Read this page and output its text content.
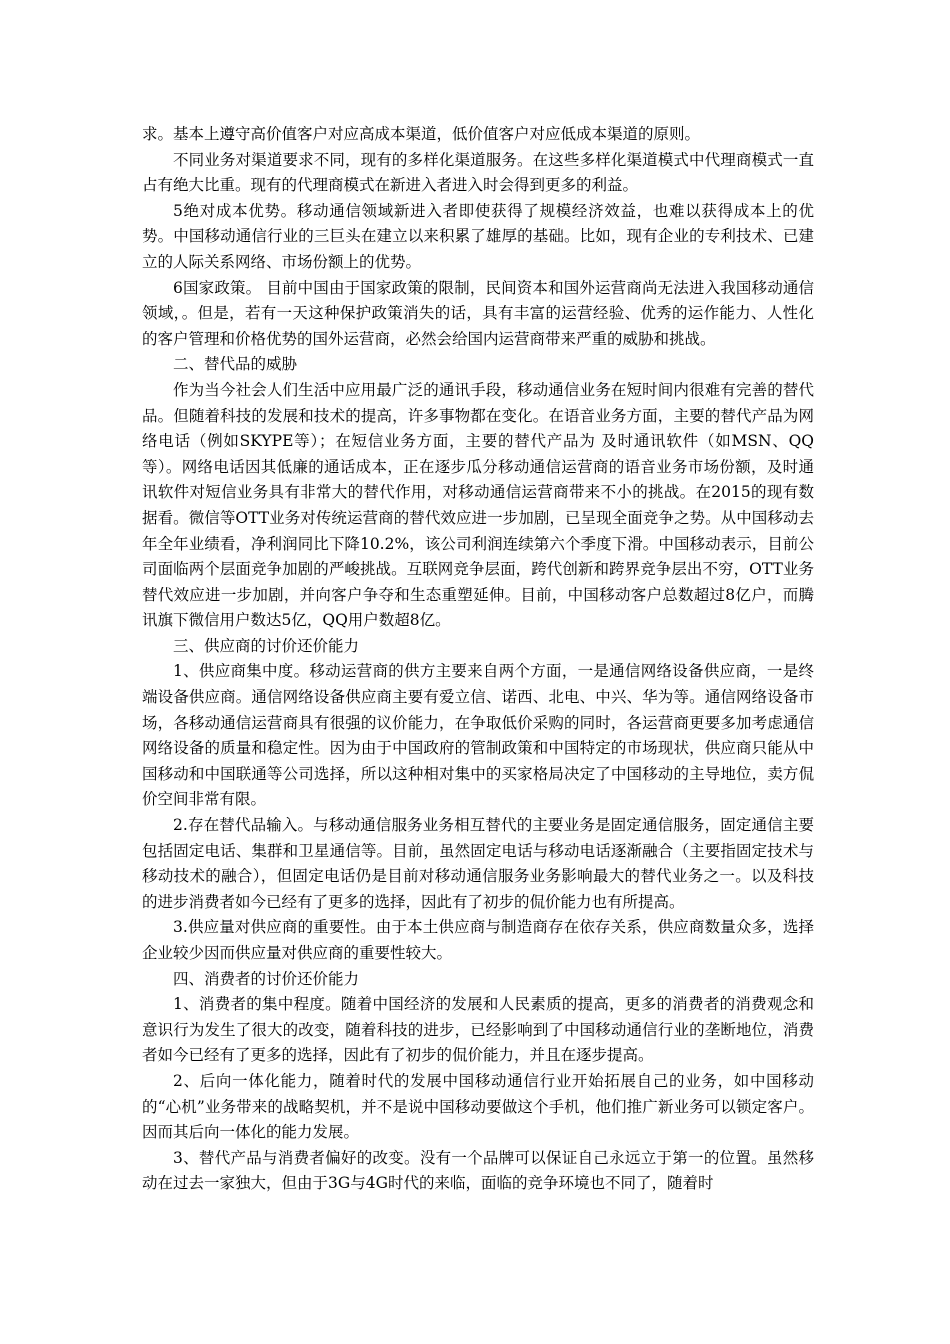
求。基本上遵守高价值客户对应高成本渠道，低价值客户对应低成本渠道的原则。

不同业务对渠道要求不同，现有的多样化渠道服务。在这些多样化渠道模式中代理商模式一直占有绝大比重。现有的代理商模式在新进入者进入时会得到更多的利益。

5绝对成本优势。移动通信领域新进入者即使获得了规模经济效益，也难以获得成本上的优势。中国移动通信行业的三巨头在建立以来积累了雄厚的基础。比如，现有企业的专利技术、已建立的人际关系网络、市场份额上的优势。

6国家政策。 目前中国由于国家政策的限制，民间资本和国外运营商尚无法进入我国移动通信领域，。但是，若有一天这种保护政策消失的话，具有丰富的运营经验、优秀的运作能力、人性化的客户管理和价格优势的国外运营商，必然会给国内运营商带来严重的威胁和挑战。

二、替代品的威胁

作为当今社会人们生活中应用最广泛的通讯手段，移动通信业务在短时间内很难有完善的替代品。但随着科技的发展和技术的提高，许多事物都在变化。在语音业务方面，主要的替代产品为网络电话（例如SKYPE等）；在短信业务方面，主要的替代产品为 及时通讯软件（如MSN、QQ等）。网络电话因其低廉的通话成本，正在逐步瓜分移动通信运营商的语音业务市场份额，及时通讯软件对短信业务具有非常大的替代作用，对移动通信运营商带来不小的挑战。在2015的现有数据看。微信等OTT业务对传统运营商的替代效应进一步加剧，已呈现全面竞争之势。从中国移动去年全年业绩看，净利润同比下降10.2%，该公司利润连续第六个季度下滑。中国移动表示，目前公司面临两个层面竞争加剧的严峻挑战。互联网竞争层面，跨代创新和跨界竞争层出不穷，OTT业务替代效应进一步加剧，并向客户争夺和生态重塑延伸。目前，中国移动客户总数超过8亿户，而腾讯旗下微信用户数达5亿，QQ用户数超8亿。

三、供应商的讨价还价能力

1、供应商集中度。移动运营商的供方主要来自两个方面，一是通信网络设备供应商，一是终端设备供应商。通信网络设备供应商主要有爱立信、诺西、北电、中兴、华为等。通信网络设备市场，各移动通信运营商具有很强的议价能力，在争取低价采购的同时，各运营商更要多加考虑通信网络设备的质量和稳定性。因为由于中国政府的管制政策和中国特定的市场现状，供应商只能从中国移动和中国联通等公司选择，所以这种相对集中的买家格局决定了中国移动的主导地位，卖方侃价空间非常有限。

2.存在替代品输入。与移动通信服务业务相互替代的主要业务是固定通信服务，固定通信主要包括固定电话、集群和卫星通信等。目前，虽然固定电话与移动电话逐渐融合（主要指固定技术与移动技术的融合），但固定电话仍是目前对移动通信服务业务影响最大的替代业务之一。以及科技的进步消费者如今已经有了更多的选择，因此有了初步的侃价能力也有所提高。

3.供应量对供应商的重要性。由于本土供应商与制造商存在依存关系，供应商数量众多，选择企业较少因而供应量对供应商的重要性较大。

四、消费者的讨价还价能力

1、消费者的集中程度。随着中国经济的发展和人民素质的提高，更多的消费者的消费观念和意识行为发生了很大的改变，随着科技的进步，已经影响到了中国移动通信行业的垄断地位，消费者如今已经有了更多的选择，因此有了初步的侃价能力，并且在逐步提高。

2、后向一体化能力，随着时代的发展中国移动通信行业开始拓展自己的业务，如中国移动的“心机”业务带来的战略契机，并不是说中国移动要做这个手机，他们推广新业务可以锁定客户。因而其后向一体化的能力发展。

3、替代产品与消费者偏好的改变。没有一个品牌可以保证自己永远立于第一的位置。虽然移动在过去一家独大，但由于3G与4G时代的来临，面临的竞争环境也不同了，随着时
